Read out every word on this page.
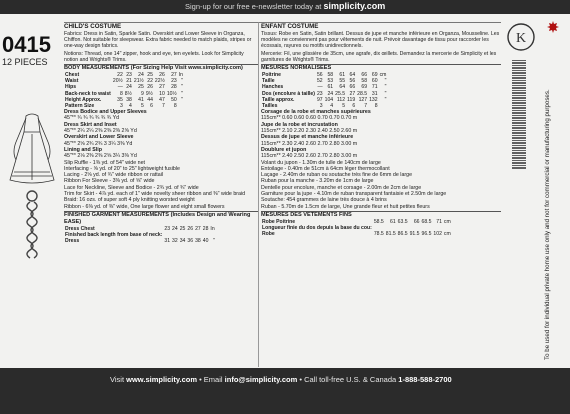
Sign-up for our free e-newsletter today at simplicity.com
0415
12 PIECES
CHILD'S COSTUME
Fabrics: Dress in Satin, Sparkle Satin. Overskirt and Lower Sleeve in Organza, Chiffon. Not suitable for sleepwear. Extra fabric needed to match plaids, stripes or one-way design fabrics.
Notions: Thread, one 14" zipper, hook and eye, ten eyelets. Look for Simplicity notion and Wrights® Trims.
BODY MEASUREMENTS (For Sizing Help Visit www.simplicity.com)
Chest	22	23	24	25	26	27	In
Waist	20½	21	21½	22	22½	23	"
Hips	—	24	25	26	27	28	"
Back-neck to waist	8	8½	9	9½	10	10½	"
Height Approx.	35	38	41	44	47	50	"
Pattern Size	3	4	5	6	7	8	
Dress Bodice and Upper Sleeves
45"** ¾ ¾ ¾ ¾ ¾ ¾ Yd
Dress Skirt and Inset
45"** 2¼ 2¼ 2⅜ 2⅜ 2⅜ 2⅝ Yd
Overskirt and Lower Sleeve
45"** 2⅝ 2¾ 2¾ 3 3¼ 3⅜ Yd
Lining and Slip
45"** 2⅛ 2⅜ 2⅜ 2⅝ 3¼ 3⅜ Yd
Slip Ruffle - 1⅜ yd. of 54" wide net
Interfacing - ⅝ yd. of 20" to 25" lightweight fusible
Lacing - 2⅝ yd. of ¾" wide ribbon or rattail
Ribbon For Sleeve - 3⅜ yd. of ⅝" wide
Lace for Neckline, Sleeve and Bodice - 2¾ yd. of ¾" wide
Trim for Skirt - 4⅞ yd. each of 1" wide novelty sheer ribbon and ⅜" wide braid
Braid: 16 ozs. of super soft 4 ply knitting worsted weight
Ribbon - 6⅜ yd. of ⅜" wide, One large flower and eight small flowers
FINISHED GARMENT MEASUREMENTS (Includes Design and Wearing EASE)
Dress Chest	23	24	25	26	27	28	In
Finished back length from base of neck:							
Dress	31	32	34	36	38	40	"
ENFANT COSTUME
Tissus: Robe en Satin, Satin brillant. Dessus de jupe et manche inférieure en Organza, Mousseline. Les modèles ne conviennent pas pour vêtements de nuit. Prévoir davantage de tissu pour raccorder les écossais, rayures ou motifs unidirectionnels.
Mercerie: Fil, une glissière de 35cm, une agrafe, dix œillets. Demandez la mercerie de Simplicity et les garnitures de Wrights® Trims.
MESURES NORMALISEES
Poitrine	56	58	61	64	66	69	cm
Taille	52	53	55	56	58	60	"
Hanches	—	61	64	66	69	71	"
Dos (encolure à taille)	23	24	25.5	27	28.5	31	"
Taille approx.	97	104	112	119	127	132	"
Tailles	3	4	5	6	7	8	
Corsage de la robe et manches supérieures
115cm** 0.60 0.60 0.60 0.70 0.70 0.70 m
Jupe de la robe et incrustation
115cm** 2.10 2.20 2.30 2.40 2.50 2.60 m
Dessus de jupe et manche inférieure
115cm** 2.30 2.40 2.60 2.70 2.80 3.00 m
Doublure et jupon
115cm** 2.40 2.50 2.60 2.70 2.80 3.00 m
Volant du jupon - 1.30m de tulle de 140cm de large
Entoilage - 0.40m de 51cm à 64cm léger thermocollant
Laçage - 2.40m de ruban ou soutache très fine de 6mm de large
Ruban pour la manche - 3.20m de 1cm de large
Dentelle pour encolure, manche et corsage - 2.00m de 2cm de large
Garniture pour la jupe - 4.10m de ruban transparent fantaisie et 2.50m de large
Soutache: 454 grammes de laine très douce à 4 brins
Ruban - 5.70m de 1.5cm de large, Une grande fleur et huit petites fleurs
MESURES DES VETEMENTS FINS
Robe Poitrine	58.5	61	63.5	66	68.5	71	cm
Longueur finie du dos depuis la base du cou:							
Robe	78.5	81.5	86.5	91.5	96.5	102	cm
K
To be used for individual private home use only and not for commercial or manufacturing purposes.
Visit www.simplicity.com • Email info@simplicity.com • Call toll-free U.S. & Canada 1-888-588-2700
